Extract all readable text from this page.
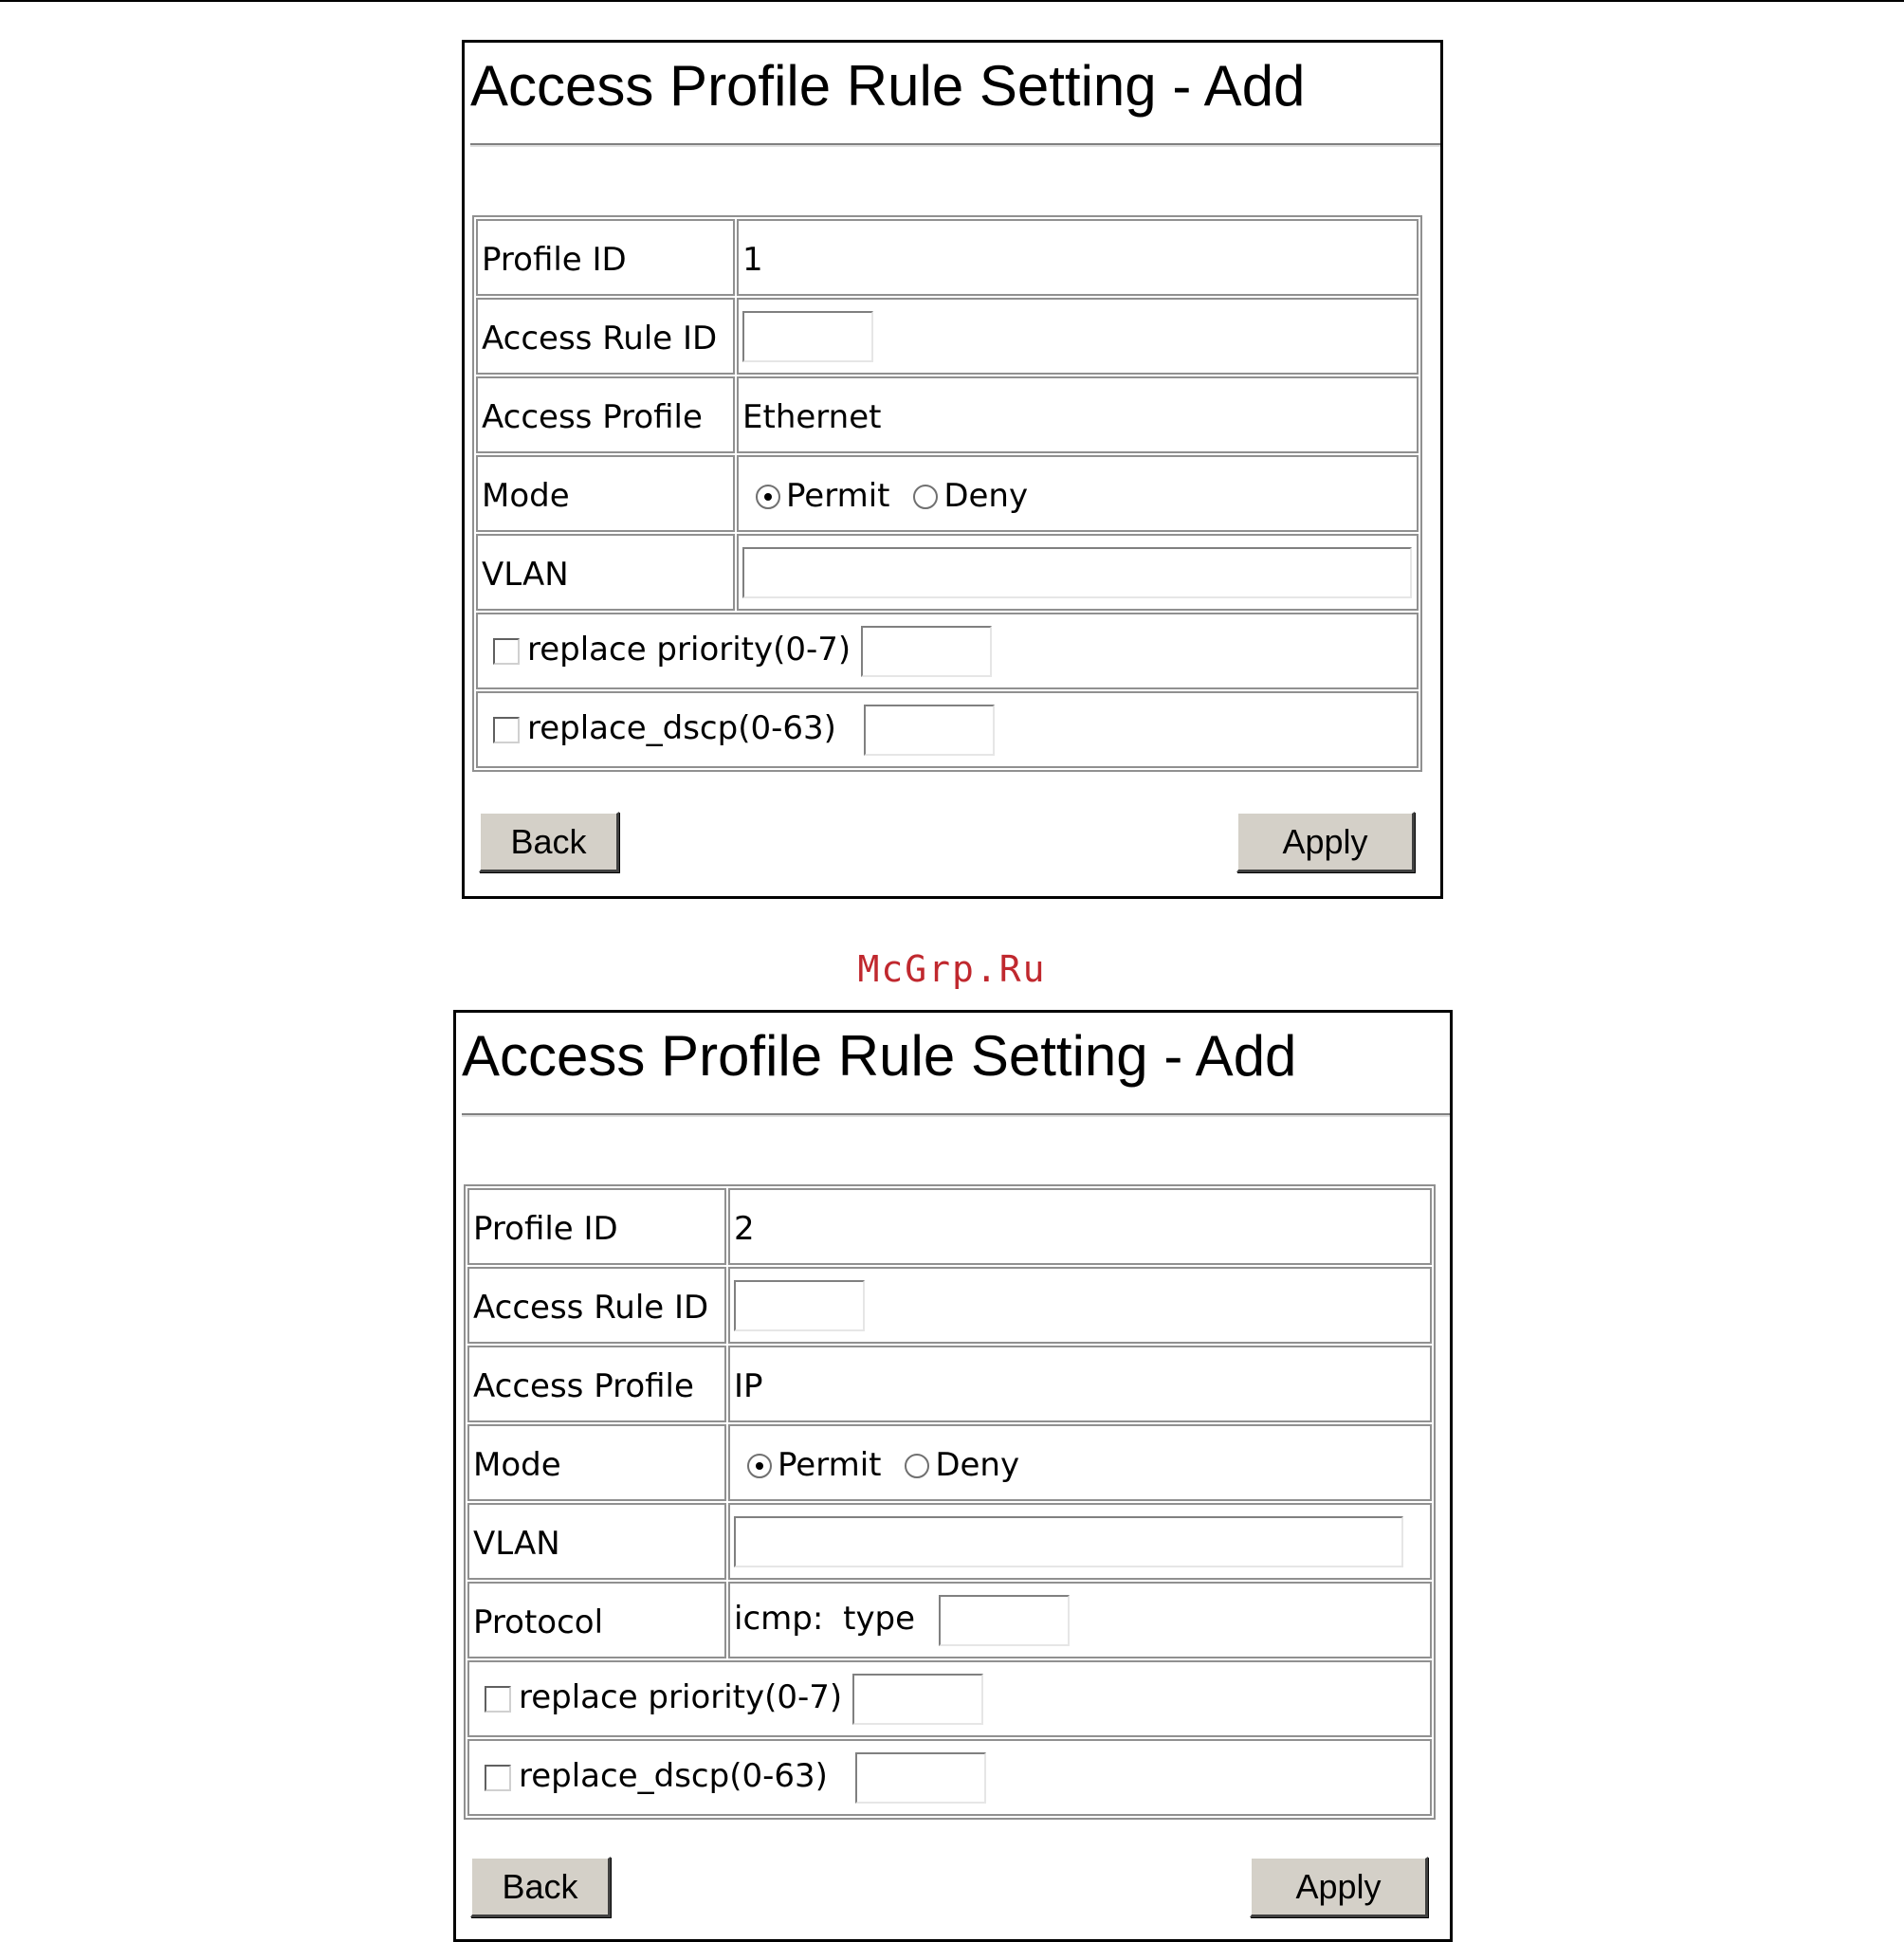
Access Profile Rule Setting - Add
Profile ID	1
Access Rule ID	
Access Profile	Ethernet
Mode	Permit Deny
VLAN	
replace priority(0-7)	
replace_dscp(0-63)	
Back	Apply
McGrp.Ru
Access Profile Rule Setting - Add
Profile ID	2
Access Rule ID	
Access Profile	IP
Mode	Permit Deny
VLAN	
Protocol	icmp: type
replace priority(0-7)	
replace_dscp(0-63)	
Back	Apply
